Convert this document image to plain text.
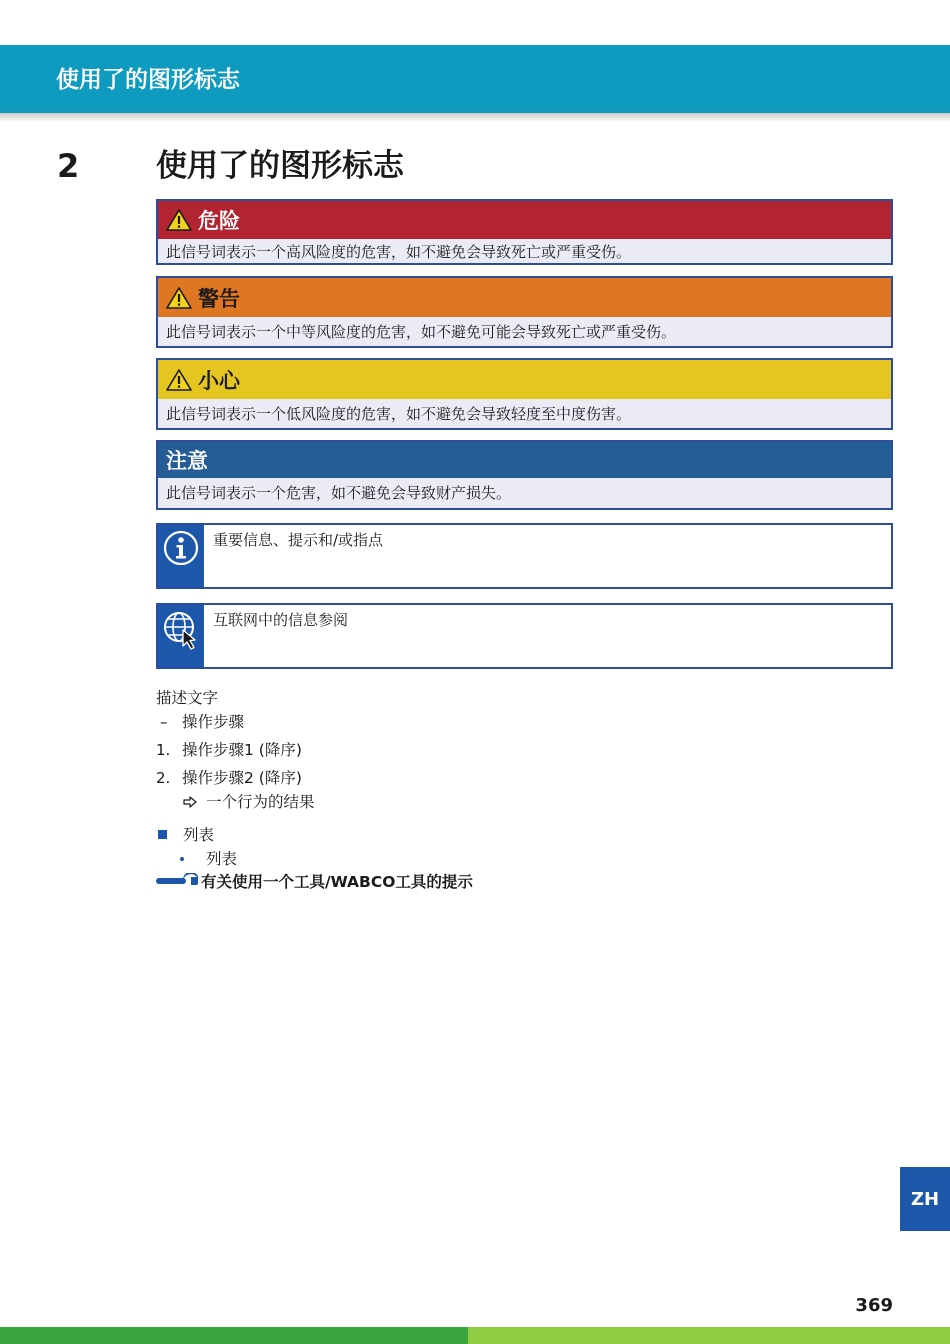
使用了的图形标志
2 使用了的图形标志
危险
此信号词表示一个高风险度的危害，如不避免会导致死亡或严重受伤。
警告
此信号词表示一个中等风险度的危害，如不避免可能会导致死亡或严重受伤。
小心
此信号词表示一个低风险度的危害，如不避免会导致轻度至中度伤害。
注意
此信号词表示一个危害，如不避免会导致财产损失。
重要信息、提示和/或指点
互联网中的信息参阅
描述文字
– 操作步骤
1. 操作步骤1 (降序)
2. 操作步骤2 (降序)
一个行为的结果
列表
列表
有关使用一个工具/WABCO工具的提示
ZH
369
